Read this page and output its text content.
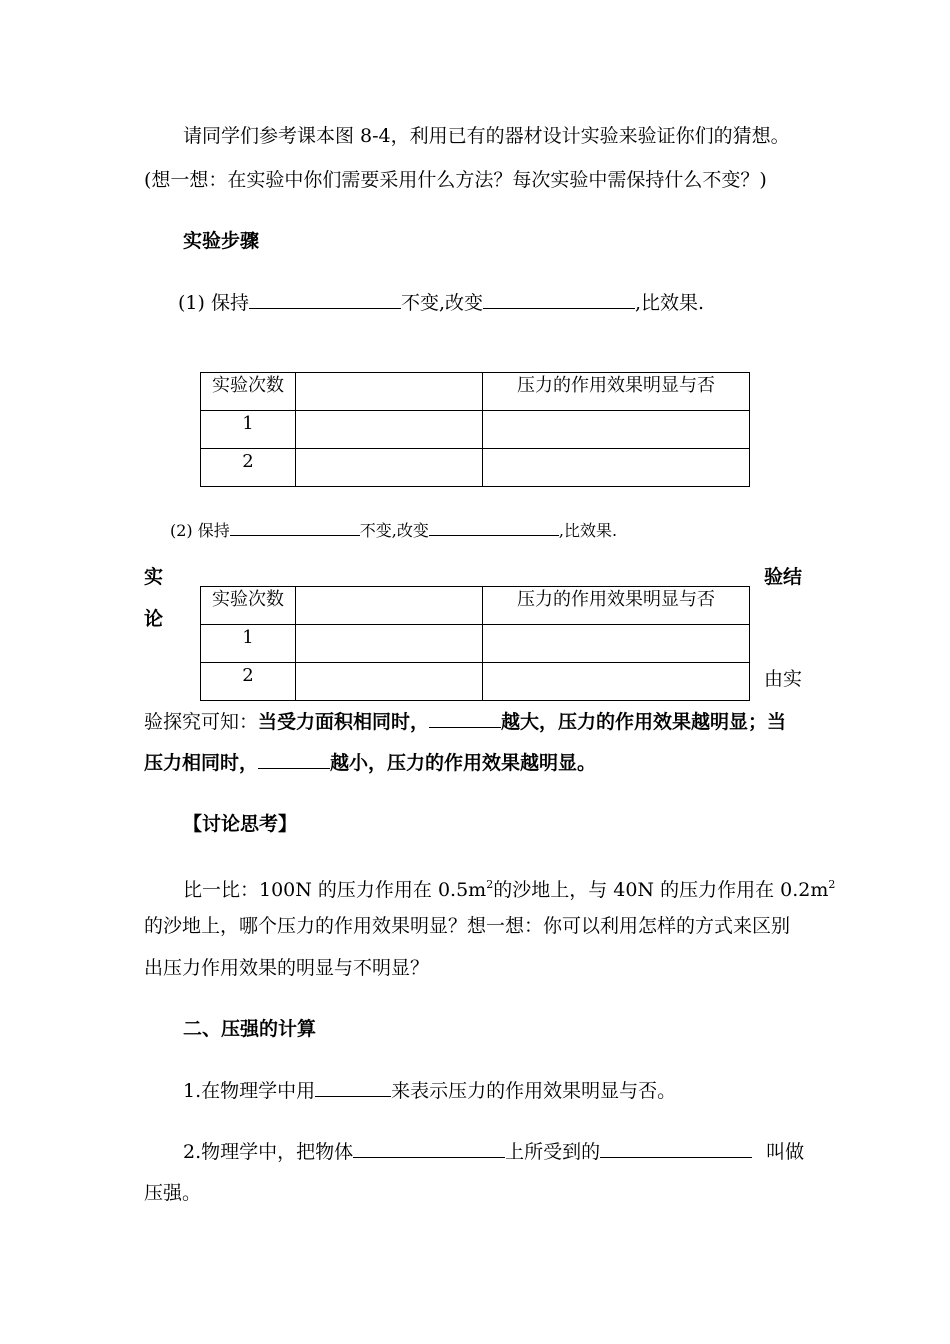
请同学们参考课本图 8-4，利用已有的器材设计实验来验证你们的猜想。
(想一想：在实验中你们需要采用什么方法？每次实验中需保持什么不变？)
实验步骤
(1) 保持	不变,改变	,比效果.
实验次数		压力的作用效果明显与否
1		
2		
(2) 保持	不变,改变	,比效果.
实	验结
论
由实
实验次数		压力的作用效果明显与否
1		
2		
验探究可知：当受力面积相同时，	越大，压力的作用效果越明显；当
压力相同时，	越小，压力的作用效果越明显。
【讨论思考】
比一比：100N 的压力作用在 $0.5m^2$的沙地上，与 40N 的压力作用在 $0.2m^2$
的沙地上，哪个压力的作用效果明显？想一想：你可以利用怎样的方式来区别
出压力作用效果的明显与不明显？
二、压强的计算
1.在物理学中用	来表示压力的作用效果明显与否。
2.物理学中，把物体	上所受到的	叫做
压强。
